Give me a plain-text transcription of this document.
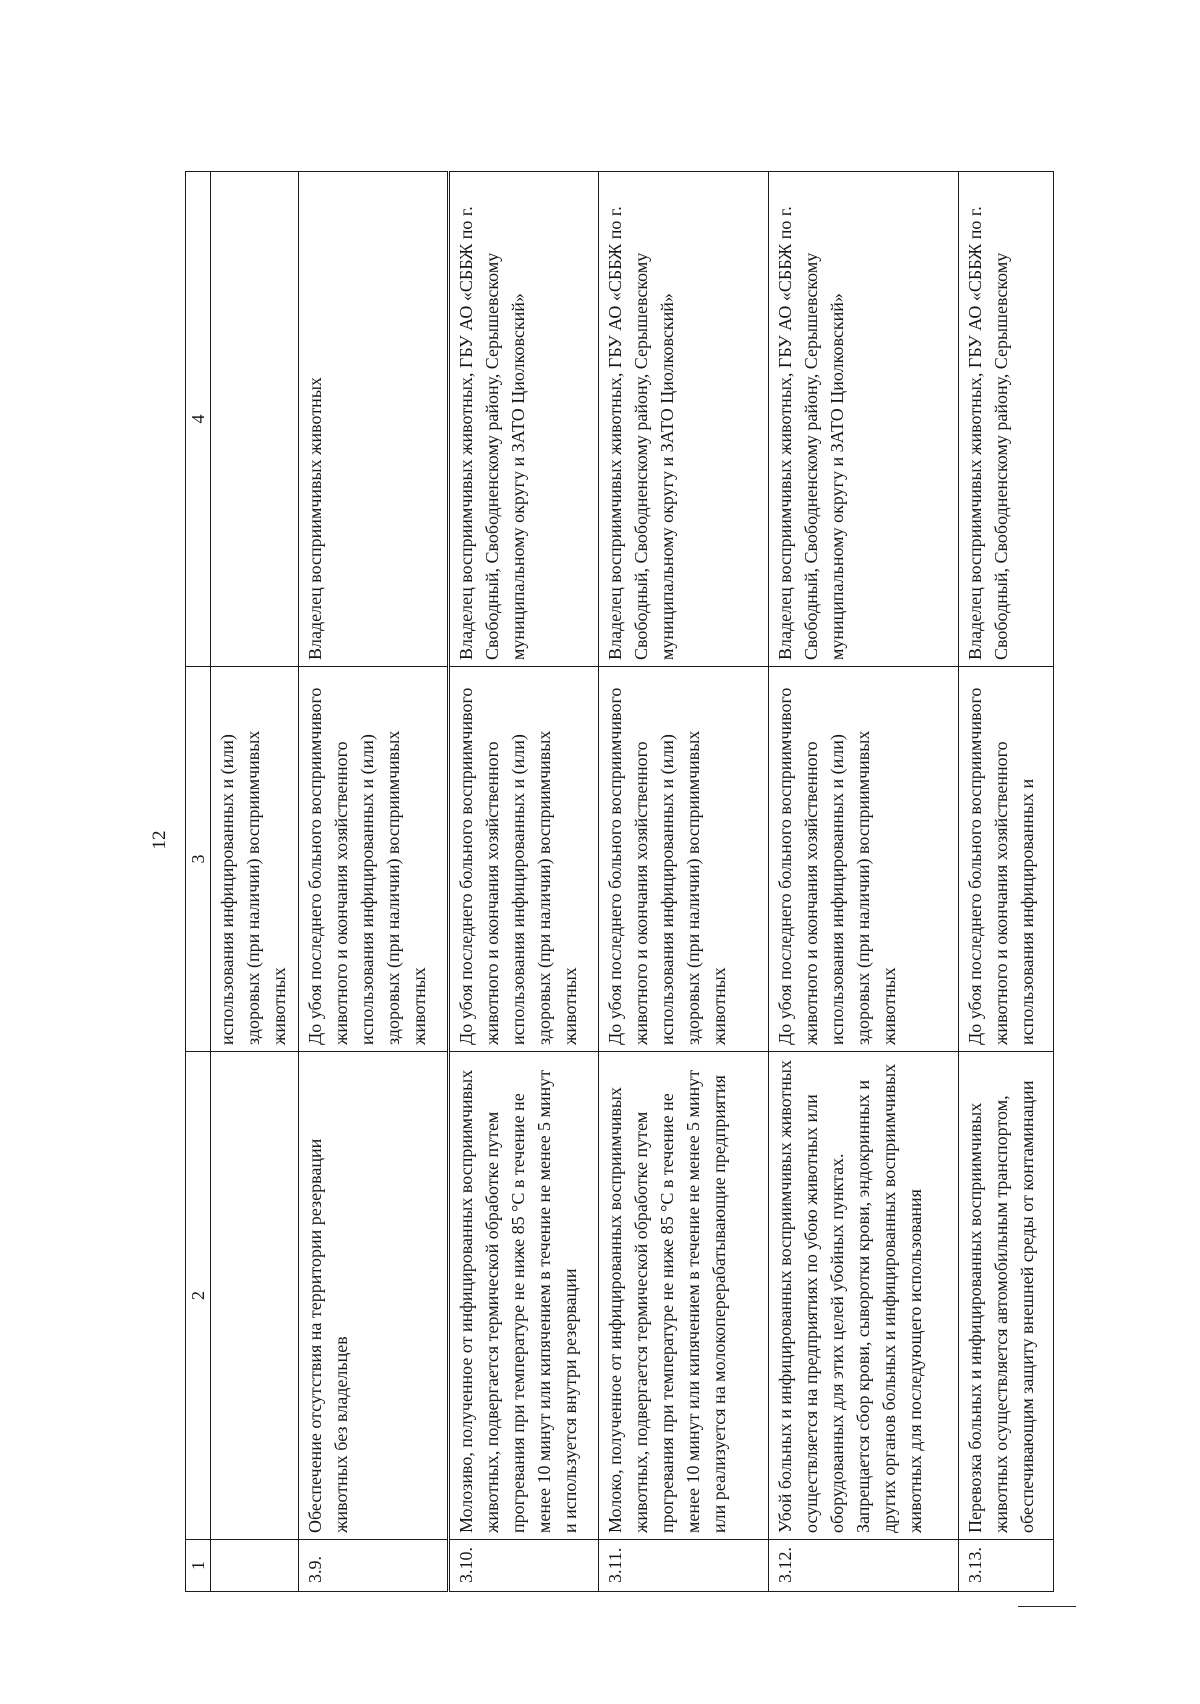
12
1	2	3	4
		использования инфицированных и (или) здоровых (при наличии) восприимчивых животных	
3.9.	Обеспечение отсутствия на территории резервации животных без владельцев	До убоя последнего больного восприимчивого животного и окончания хозяйственного использования инфицированных и (или) здоровых (при наличии) восприимчивых животных	Владелец восприимчивых животных
3.10.	Молозиво, полученное от инфицированных восприимчивых животных, подвергается термической обработке путем прогревания при температуре не ниже 85 °С в течение не менее 10 минут или кипячением в течение не менее 5 минут и используется внутри резервации	До убоя последнего больного восприимчивого животного и окончания хозяйственного использования инфицированных и (или) здоровых (при наличии) восприимчивых животных	Владелец восприимчивых животных, ГБУ АО «СББЖ по г. Свободный, Свободненскому району, Серышевскому муниципальному округу и ЗАТО Циолковский»
3.11.	Молоко, полученное от инфицированных восприимчивых животных, подвергается термической обработке путем прогревания при температуре не ниже 85 °С в течение не менее 10 минут или кипячением в течение не менее 5 минут или реализуется на молокоперерабатывающие предприятия	До убоя последнего больного восприимчивого животного и окончания хозяйственного использования инфицированных и (или) здоровых (при наличии) восприимчивых животных	Владелец восприимчивых животных, ГБУ АО «СББЖ по г. Свободный, Свободненскому району, Серышевскому муниципальному округу и ЗАТО Циолковский»
3.12.	Убой больных и инфицированных восприимчивых животных осуществляется на предприятиях по убою животных или оборудованных для этих целей убойных пунктах. Запрещается сбор крови, сыворотки крови, эндокринных и других органов больных и инфицированных восприимчивых животных для последующего использования	До убоя последнего больного восприимчивого животного и окончания хозяйственного использования инфицированных и (или) здоровых (при наличии) восприимчивых животных	Владелец восприимчивых животных, ГБУ АО «СББЖ по г. Свободный, Свободненскому району, Серышевскому муниципальному округу и ЗАТО Циолковский»
3.13.	Перевозка больных и инфицированных восприимчивых животных осуществляется автомобильным транспортом, обеспечивающим защиту внешней среды от контаминации	До убоя последнего больного восприимчивого животного и окончания хозяйственного использования инфицированных и	Владелец восприимчивых животных, ГБУ АО «СББЖ по г. Свободный, Свободненскому району, Серышевскому
